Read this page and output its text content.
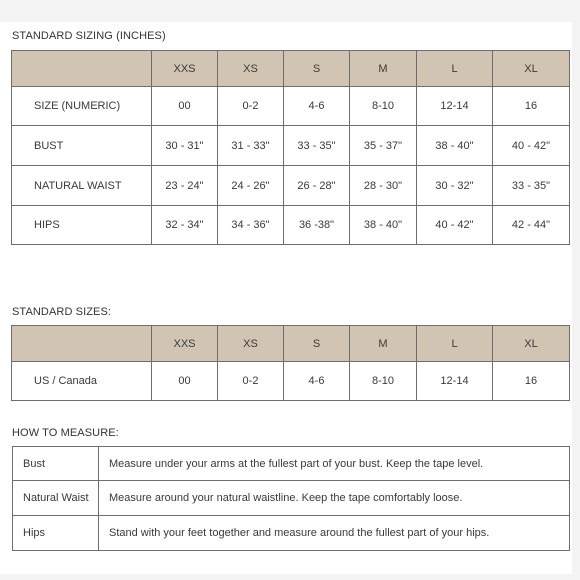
STANDARD SIZING (INCHES)
	XXS	XS	S	M	L	XL
SIZE (NUMERIC)	00	0-2	4-6	8-10	12-14	16
BUST	30 - 31"	31 - 33"	33 - 35"	35 - 37"	38 - 40"	40 - 42"
NATURAL WAIST	23 - 24"	24 - 26"	26 - 28"	28 - 30"	30 - 32"	33 - 35"
HIPS	32 - 34"	34 - 36"	36 -38"	38 - 40"	40 - 42"	42 - 44"
STANDARD SIZES:
	XXS	XS	S	M	L	XL
US / Canada	00	0-2	4-6	8-10	12-14	16
HOW TO MEASURE:
Bust	Measure under your arms at the fullest part of your bust. Keep the tape level.
Natural Waist	Measure around your natural waistline. Keep the tape comfortably loose.
Hips	Stand with your feet together and measure around the fullest part of your hips.
